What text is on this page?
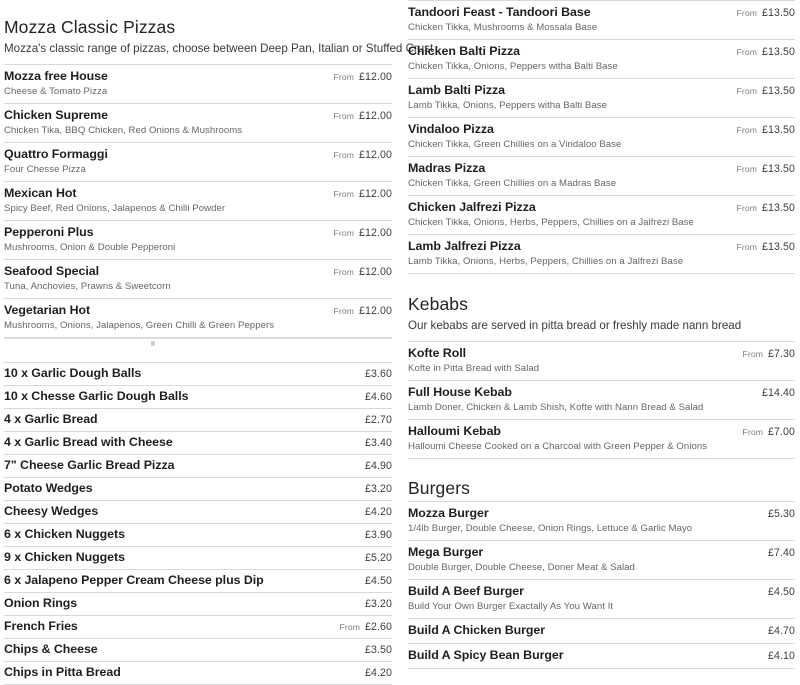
Mozza Classic Pizzas
Mozza's classic range of pizzas, choose between Deep Pan, Italian or Stuffed Crust
Mozza free House	From £12.00
Cheese & Tomato Pizza
Chicken Supreme	From £12.00
Chicken Tika, BBQ Chicken, Red Onions & Mushrooms
Quattro Formaggi	From £12.00
Four Chesse Pizza
Mexican Hot	From £12.00
Spicy Beef, Red Onions, Jalapenos & Chilli Powder
Pepperoni Plus	From £12.00
Mushrooms, Onion & Double Pepperoni
Seafood Special	From £12.00
Tuna, Anchovies, Prawns & Sweetcorn
Vegetarian Hot	From £12.00
Mushrooms, Onions, Jalapenos, Green Chilli & Green Peppers
10 x Garlic Dough Balls	£3.60
10 x Chesse Garlic Dough Balls	£4.60
4 x Garlic Bread	£2.70
4 x Garlic Bread with Cheese	£3.40
7" Cheese Garlic Bread Pizza	£4.90
Potato Wedges	£3.20
Cheesy Wedges	£4.20
6 x Chicken Nuggets	£3.90
9 x Chicken Nuggets	£5.20
6 x Jalapeno Pepper Cream Cheese plus Dip	£4.50
Onion Rings	£3.20
French Fries	From £2.60
Chips & Cheese	£3.50
Chips in Pitta Bread	£4.20
Tandoori Feast - Tandoori Base	From £13.50
Chicken Tikka, Mushrooms & Mossala Base
Chicken Balti Pizza	From £13.50
Chicken Tikka, Onions, Peppers witha Balti Base
Lamb Balti Pizza	From £13.50
Lamb Tikka, Onions, Peppers witha Balti Base
Vindaloo Pizza	From £13.50
Chicken Tikka, Green Chillies on a Vindaloo Base
Madras Pizza	From £13.50
Chicken Tikka, Green Chillies on a Madras Base
Chicken Jalfrezi Pizza	From £13.50
Chicken Tikka, Onions, Herbs, Peppers, Chillies on a Jalfrezi Base
Lamb Jalfrezi Pizza	From £13.50
Lamb Tikka, Onions, Herbs, Peppers, Chillies on a Jalfrezi Base
Kebabs
Our kebabs are served in pitta bread or freshly made nann bread
Kofte Roll	From £7.30
Kofte in Pitta Bread with Salad
Full House Kebab	£14.40
Lamb Doner, Chicken & Lamb Shish, Kofte with Nann Bread & Salad
Halloumi Kebab	From £7.00
Halloumi Cheese Cooked on a Charcoal with Green Pepper & Onions
Burgers
Mozza Burger	£5.30
1/4lb Burger, Double Cheese, Onion Rings, Lettuce & Garlic Mayo
Mega Burger	£7.40
Double Burger, Double Cheese, Doner Meat & Salad
Build A Beef Burger	£4.50
Build Your Own Burger Exactally As You Want It
Build A Chicken Burger	£4.70
Build A Spicy Bean Burger	£4.10
